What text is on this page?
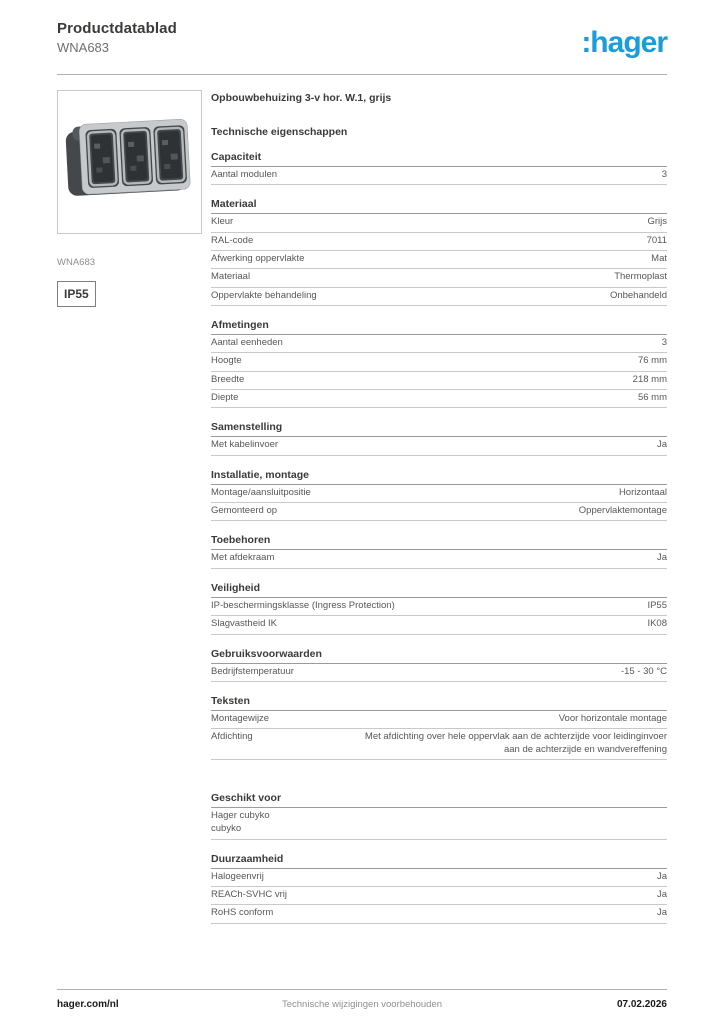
Productdatablad
WNA683	:hager
WNA683
IP55
Opbouwbehuizing 3-v hor. W.1, grijs
Technische eigenschappen
Capaciteit
Aantal modulen	3
Materiaal
Kleur	Grijs
RAL-code	7011
Afwerking oppervlakte	Mat
Materiaal	Thermoplast
Oppervlakte behandeling	Onbehandeld
Afmetingen
Aantal eenheden	3
Hoogte	76 mm
Breedte	218 mm
Diepte	56 mm
Samenstelling
Met kabelinvoer	Ja
Installatie, montage
Montage/aansluitpositie	Horizontaal
Gemonteerd op	Oppervlaktemontage
Toebehoren
Met afdekraam	Ja
Veiligheid
IP-beschermingsklasse (Ingress Protection)	IP55
Slagvastheid IK	IK08
Gebruiksvoorwaarden
Bedrijfstemperatuur	-15 - 30 °C
Teksten
Montagewijze	Voor horizontale montage
Afdichting	Met afdichting over hele oppervlak aan de achterzijde voor leidinginvoer aan de achterzijde en wandvereffening
Geschikt voor
Hager cubyko
cubyko
Duurzaamheid
Halogeenvrij	Ja
REACh-SVHC vrij	Ja
RoHS conform	Ja
hager.com/nl	Technische wijzigingen voorbehouden	07.02.2026
